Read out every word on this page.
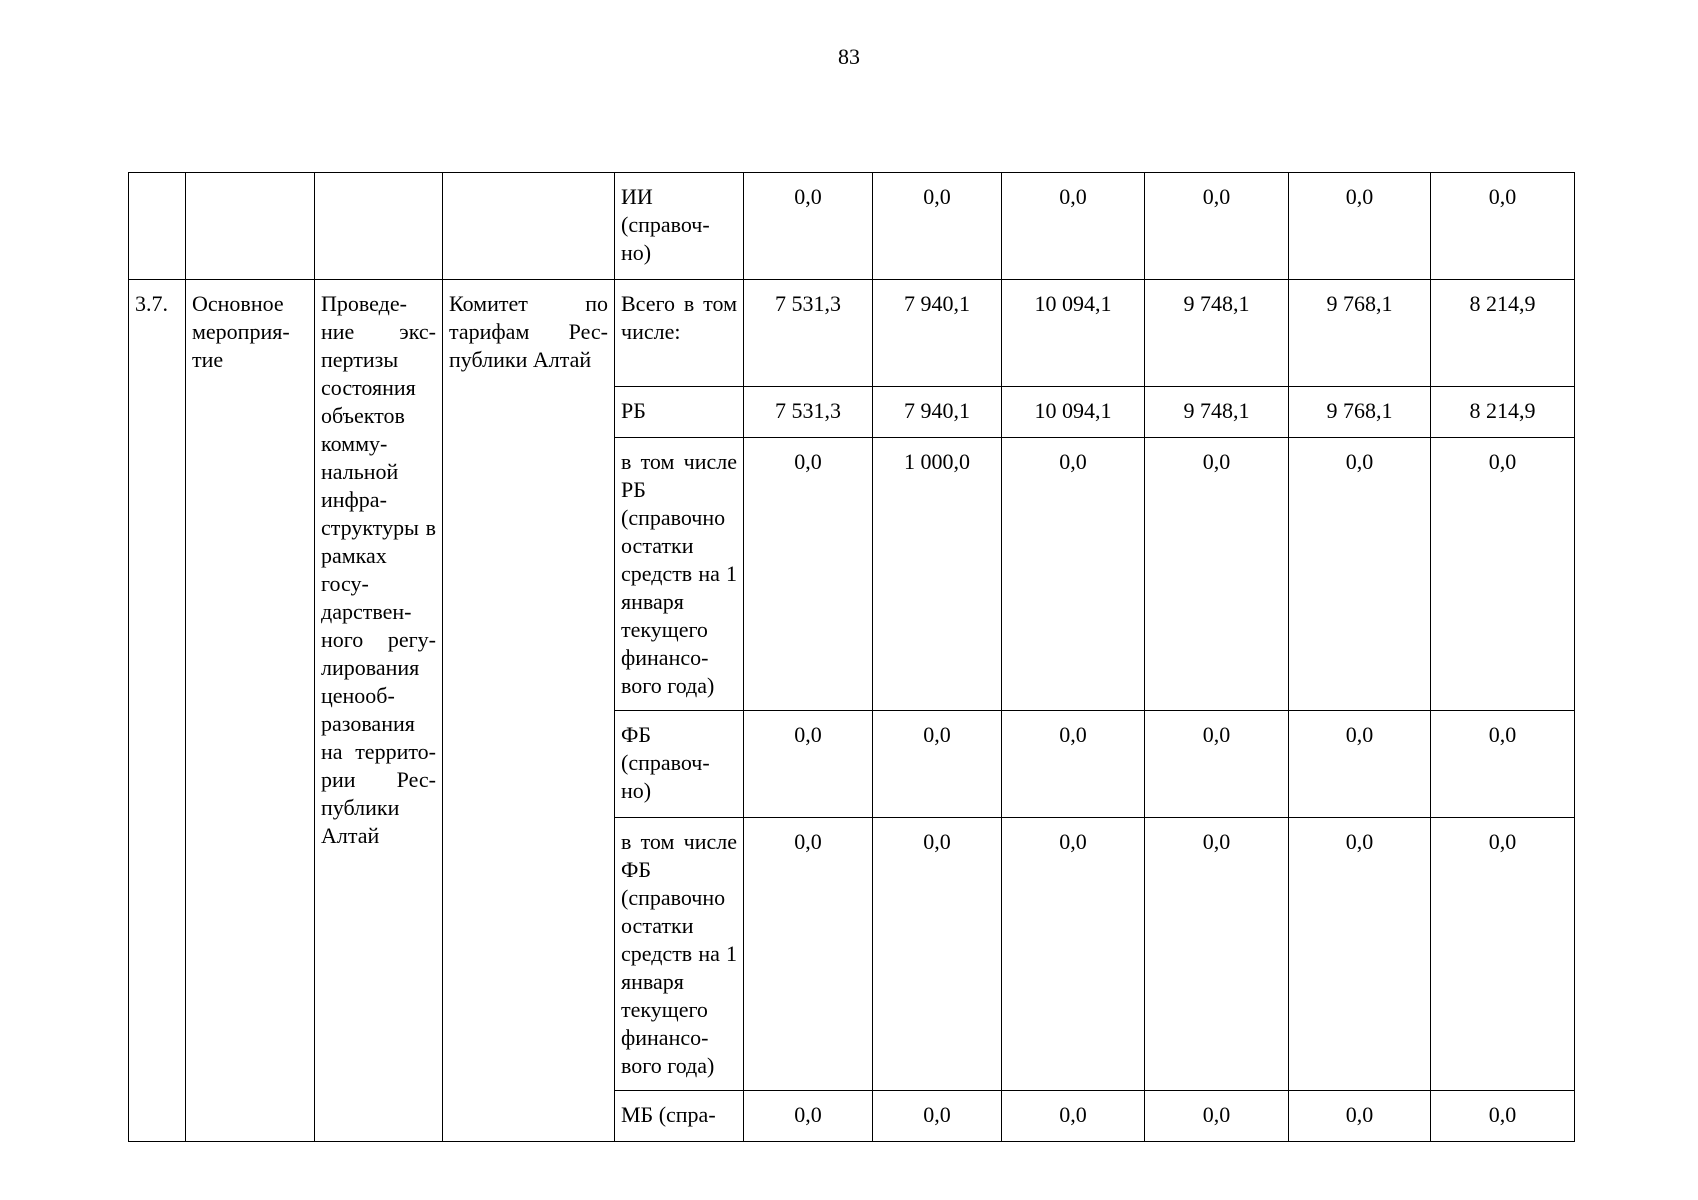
83
				ИИ (справоч-но)	0,0	0,0	0,0	0,0	0,0	0,0
3.7.	Основное мероприя-тие	Проведе-ние экс-пертизы состояния объектов комму-нальной инфра-структуры в рамках госу-дарствен-ного регу-лирования ценооб-разования на террито-рии Рес-публики Алтай	Комитет по тарифам Рес-публики Алтай	Всего в том числе:	7 531,3	7 940,1	10 094,1	9 748,1	9 768,1	8 214,9
				РБ	7 531,3	7 940,1	10 094,1	9 748,1	9 768,1	8 214,9
				в том числе РБ (справочно остатки средств на 1 января текущего финансо-вого года)	0,0	1 000,0	0,0	0,0	0,0	0,0
				ФБ (справоч-но)	0,0	0,0	0,0	0,0	0,0	0,0
				в том числе ФБ (справочно остатки средств на 1 января текущего финансо-вого года)	0,0	0,0	0,0	0,0	0,0	0,0
				МБ (спра-	0,0	0,0	0,0	0,0	0,0	0,0
